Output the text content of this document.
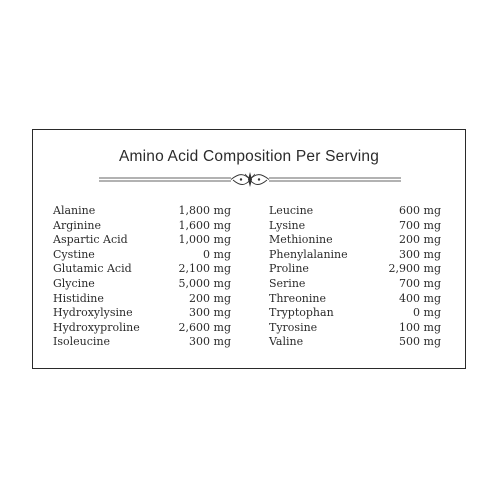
Amino Acid Composition Per Serving
Alanine	1,800 mg
Arginine	1,600 mg
Aspartic Acid	1,000 mg
Cystine	0 mg
Glutamic Acid	2,100 mg
Glycine	5,000 mg
Histidine	200 mg
Hydroxylysine	300 mg
Hydroxyproline	2,600 mg
Isoleucine	300 mg
Leucine	600 mg
Lysine	700 mg
Methionine	200 mg
Phenylalanine	300 mg
Proline	2,900 mg
Serine	700 mg
Threonine	400 mg
Tryptophan	0 mg
Tyrosine	100 mg
Valine	500 mg
